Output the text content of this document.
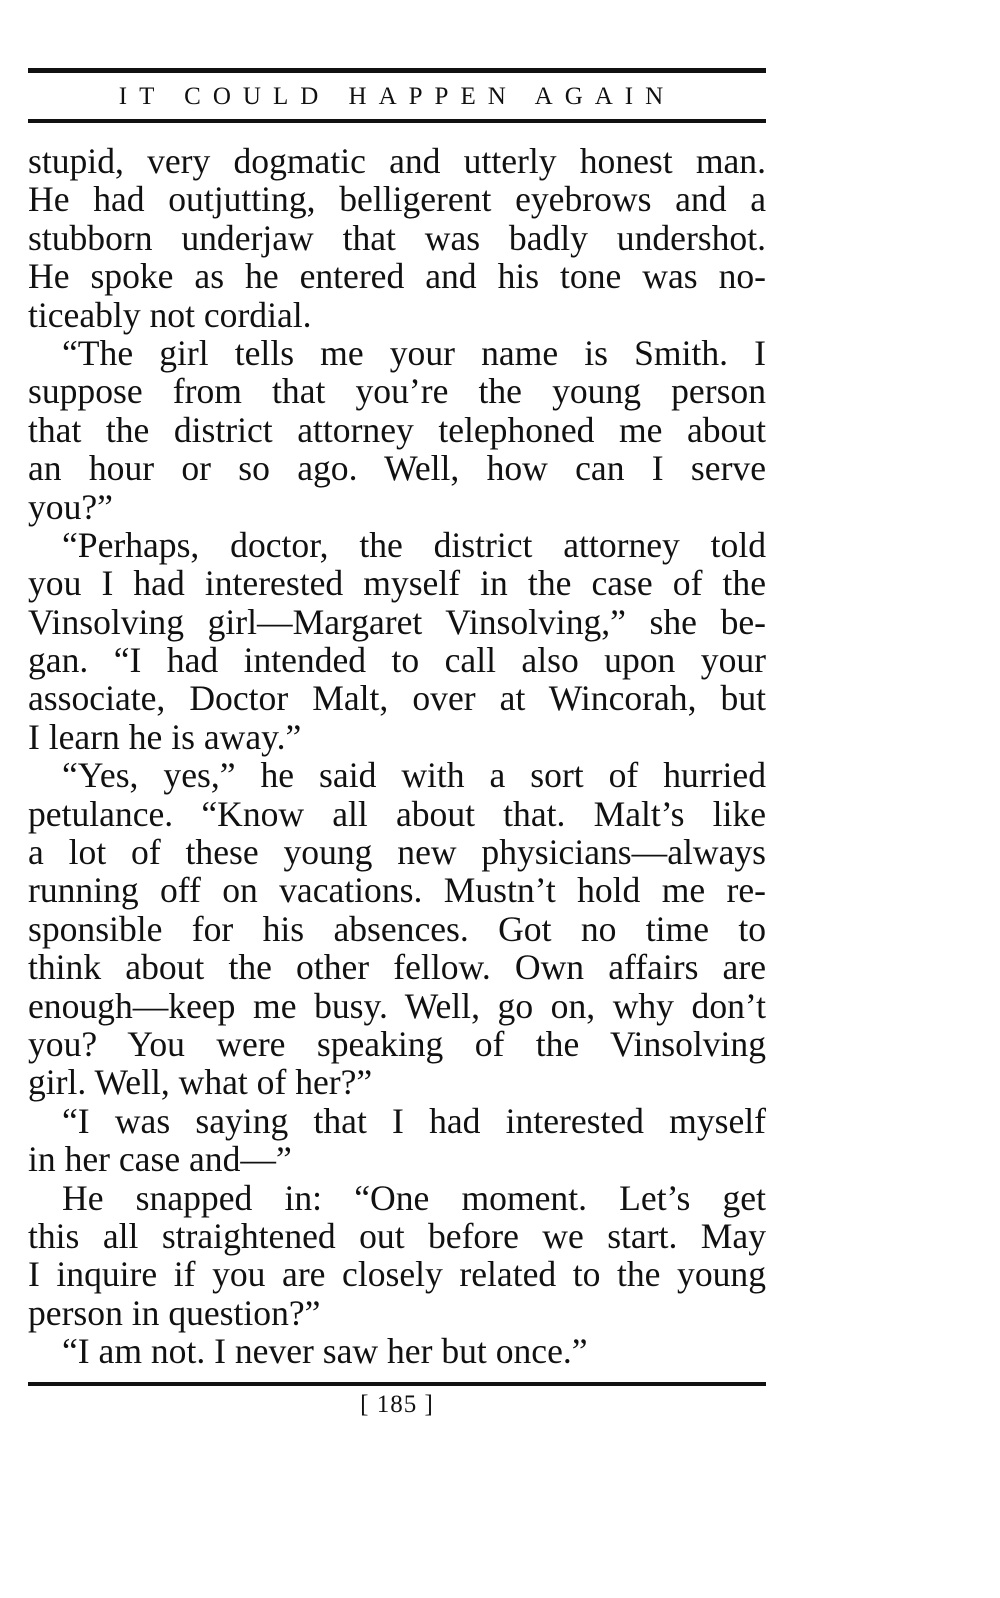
IT COULD HAPPEN AGAIN
stupid, very dogmatic and utterly honest man.
He had outjutting, belligerent eyebrows and a
stubborn underjaw that was badly undershot.
He spoke as he entered and his tone was no-
ticeably not cordial.
“The girl tells me your name is Smith. I
suppose from that you’re the young person
that the district attorney telephoned me about
an hour or so ago. Well, how can I serve
you?”
“Perhaps, doctor, the district attorney told
you I had interested myself in the case of the
Vinsolving girl—Margaret Vinsolving,” she be-
gan. “I had intended to call also upon your
associate, Doctor Malt, over at Wincorah, but
I learn he is away.”
“Yes, yes,” he said with a sort of hurried
petulance. “Know all about that. Malt’s like
a lot of these young new physicians—always
running off on vacations. Mustn’t hold me re-
sponsible for his absences. Got no time to
think about the other fellow. Own affairs are
enough—keep me busy. Well, go on, why don’t
you? You were speaking of the Vinsolving
girl. Well, what of her?”
“I was saying that I had interested myself
in her case and—”
He snapped in: “One moment. Let’s get
this all straightened out before we start. May
I inquire if you are closely related to the young
person in question?”
“I am not. I never saw her but once.”
[ 185 ]
